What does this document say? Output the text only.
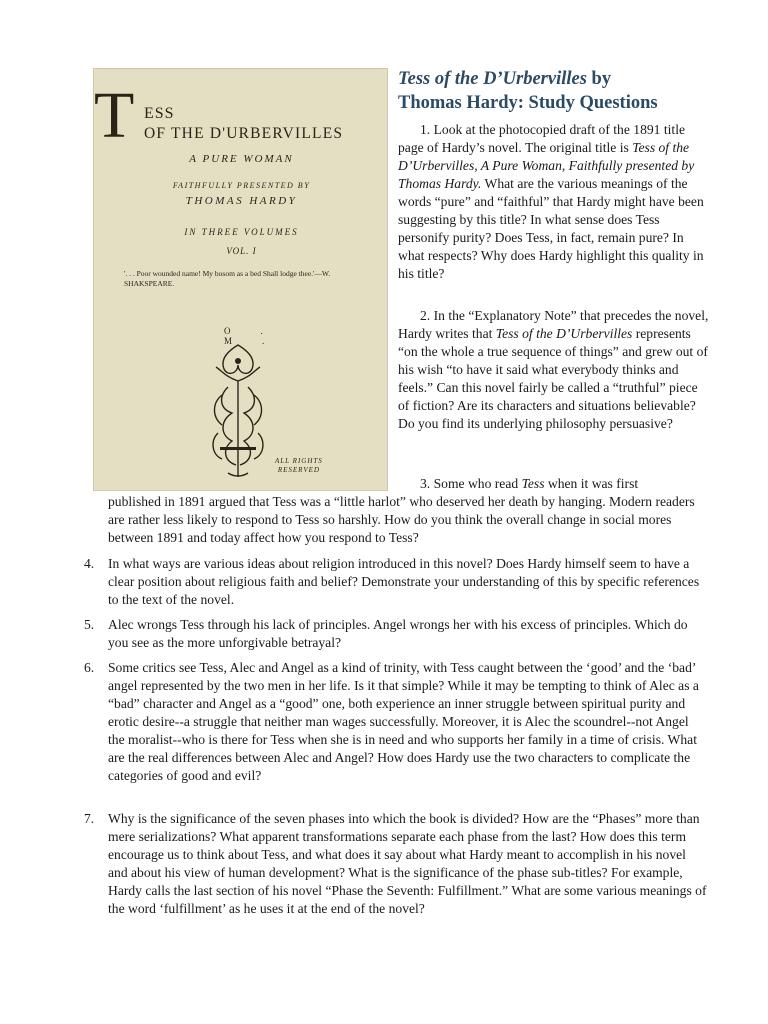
T ESS
OF THE D'URBERVILLES
A PURE WOMAN
FAITHFULLY PRESENTED BY
THOMAS HARDY
IN THREE VOLUMES
VOL. I
'. . . Poor wounded name! My bosom as a bed Shall lodge thee.'—W. SHAKSPEARE.
O. M.
ALL RIGHTS
RESERVED
Tess of the D’Urbervilles by
Thomas Hardy: Study Questions

1. Look at the photocopied draft of the 1891 title page of Hardy’s novel. The original title is Tess of the D’Urbervilles, A Pure Woman, Faithfully presented by Thomas Hardy. What are the various meanings of the words “pure” and “faithful” that Hardy might have been suggesting by this title? In what sense does Tess personify purity? Does Tess, in fact, remain pure? In what respects? Why does Hardy highlight this quality in his title?

2. In the “Explanatory Note” that precedes the novel, Hardy writes that Tess of the D’Urbervilles represents “on the whole a true sequence of things” and grew out of his wish “to have it said what everybody thinks and feels.” Can this novel fairly be called a “truthful” piece of fiction? Are its characters and situations believable? Do you find its underlying philosophy persuasive?

3. Some who read Tess when it was first

published in 1891 argued that Tess was a “little harlot” who deserved her death by hanging. Modern readers are rather less likely to respond to Tess so harshly. How do you think the overall change in social mores between 1891 and today affect how you respond to Tess?

4. In what ways are various ideas about religion introduced in this novel? Does Hardy himself seem to have a clear position about religious faith and belief? Demonstrate your understanding of this by specific references to the text of the novel.
5. Alec wrongs Tess through his lack of principles. Angel wrongs her with his excess of principles. Which do you see as the more unforgivable betrayal?
6. Some critics see Tess, Alec and Angel as a kind of trinity, with Tess caught between the ‘good’ and the ‘bad’ angel represented by the two men in her life. Is it that simple? While it may be tempting to think of Alec as a “bad” character and Angel as a “good” one, both experience an inner struggle between spiritual purity and erotic desire--a struggle that neither man wages successfully. Moreover, it is Alec the scoundrel--not Angel the moralist--who is there for Tess when she is in need and who supports her family in a time of crisis. What are the real differences between Alec and Angel? How does Hardy use the two characters to complicate the categories of good and evil?
7. Why is the significance of the seven phases into which the book is divided? How are the “Phases” more than mere serializations? What apparent transformations separate each phase from the last? How does this term encourage us to think about Tess, and what does it say about what Hardy meant to accomplish in his novel and about his view of human development? What is the significance of the phase sub-titles? For example, Hardy calls the last section of his novel “Phase the Seventh: Fulfillment.” What are some various meanings of the word ‘fulfillment’ as he uses it at the end of the novel?
